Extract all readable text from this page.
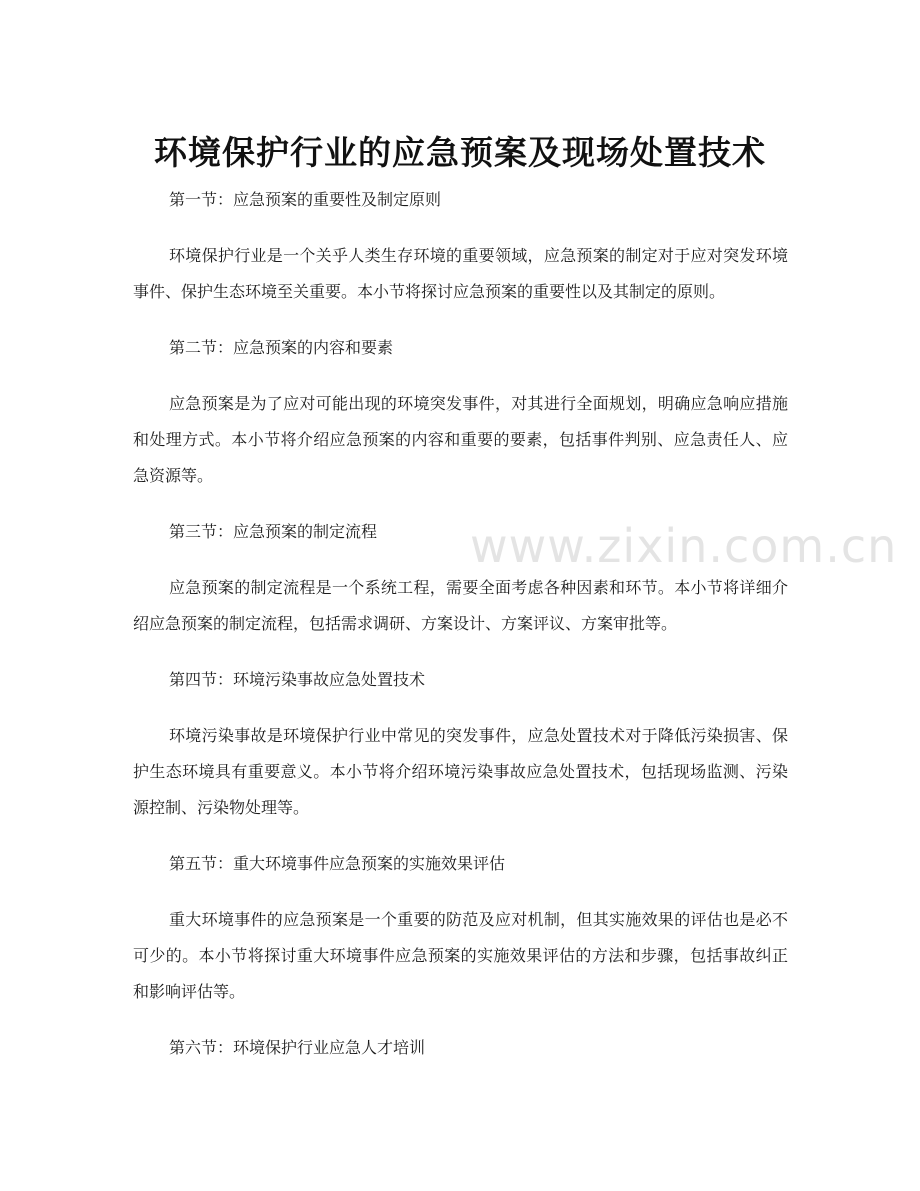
www.zixin.com.cn
环境保护行业的应急预案及现场处置技术

第一节：应急预案的重要性及制定原则

环境保护行业是一个关乎人类生存环境的重要领域，应急预案的制定对于应对突发环境事件、保护生态环境至关重要。本小节将探讨应急预案的重要性以及其制定的原则。

第二节：应急预案的内容和要素

应急预案是为了应对可能出现的环境突发事件，对其进行全面规划，明确应急响应措施和处理方式。本小节将介绍应急预案的内容和重要的要素，包括事件判别、应急责任人、应急资源等。

第三节：应急预案的制定流程

应急预案的制定流程是一个系统工程，需要全面考虑各种因素和环节。本小节将详细介绍应急预案的制定流程，包括需求调研、方案设计、方案评议、方案审批等。

第四节：环境污染事故应急处置技术

环境污染事故是环境保护行业中常见的突发事件，应急处置技术对于降低污染损害、保护生态环境具有重要意义。本小节将介绍环境污染事故应急处置技术，包括现场监测、污染源控制、污染物处理等。

第五节：重大环境事件应急预案的实施效果评估

重大环境事件的应急预案是一个重要的防范及应对机制，但其实施效果的评估也是必不可少的。本小节将探讨重大环境事件应急预案的实施效果评估的方法和步骤，包括事故纠正和影响评估等。

第六节：环境保护行业应急人才培训
